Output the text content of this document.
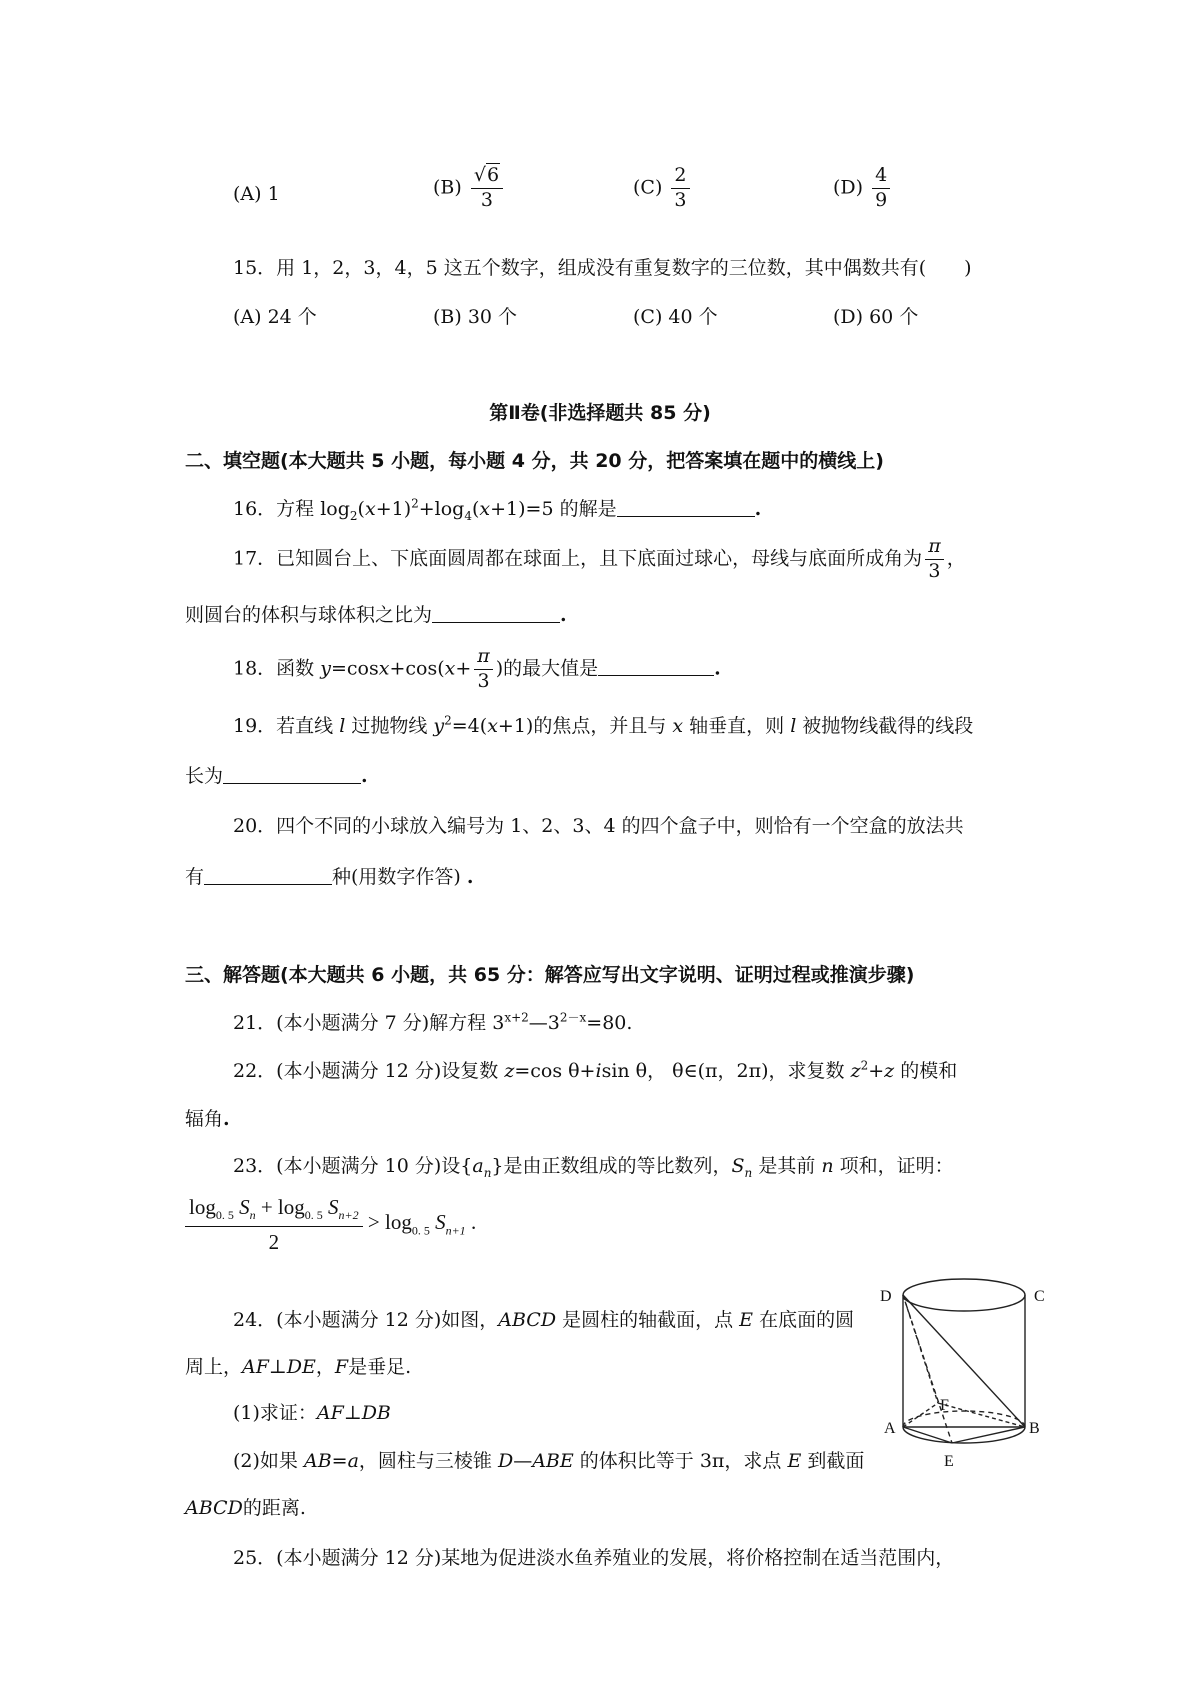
(A) 1	$(B) \frac{√6}{3}$	$(C) \frac{2}{3}$	$(D) \frac{4}{9}$
15．用 1，2，3，4，5 这五个数字，组成没有重复数字的三位数，其中偶数共有(　　)
(A) 24 个	(B) 30 个	(C) 40 个	(D) 60 个
第Ⅱ卷(非选择题共 85 分)
二、填空题(本大题共 5 小题，每小题 4 分，共 20 分，把答案填在题中的横线上)
16．方程 $\log_2(x+1)^2+\log_4(x+1)=5$ 的解是	.
17．已知圆台上、下底面圆周都在球面上，且下底面过球心，母线与底面所成角为 $\frac{\pi}{3}$ ，
则圆台的体积与球体积之比为	.
18．函数 $y=\cos x+\cos(x+ \frac{\pi}{3}$ )的最大值是	.
19．若直线 l 过抛物线 $y^2=4(x+1)$的焦点，并且与 x 轴垂直，则 l 被抛物线截得的线段
长为	.
20．四个不同的小球放入编号为 1、2、3、4 的四个盒子中，则恰有一个空盒的放法共
有	种(用数字作答) .
三、解答题(本大题共 6 小题，共 65 分：解答应写出文字说明、证明过程或推演步骤)
21．(本小题满分 7 分)解方程 $3^{x+2}—3^{2-x}=80$.
22．(本小题满分 12 分)设复数 z=cos θ+isin θ， θ∈(π，2π)，求复数 $z^2+z$ 的模和
辐角.
23．(本小题满分 10 分)设$\{a_n\}$是由正数组成的等比数列，$S_n$ 是其前 n 项和，证明：
$\frac{\log_{0. 5} S_n + \log_{0. 5} S_{n+2}}{2} > \log_{0. 5} S_{n+1}$ .
24．(本小题满分 12 分)如图，ABCD 是圆柱的轴截面，点 E 在底面的圆
周上，AF⊥DE，F是垂足.
(1)求证：AF⊥DB
(2)如果 AB=a，圆柱与三棱锥 D—ABE 的体积比等于 3π，求点 E 到截面
ABCD的距离.
D	C
A	B
F
E
25．(本小题满分 12 分)某地为促进淡水鱼养殖业的发展，将价格控制在适当范围内，
